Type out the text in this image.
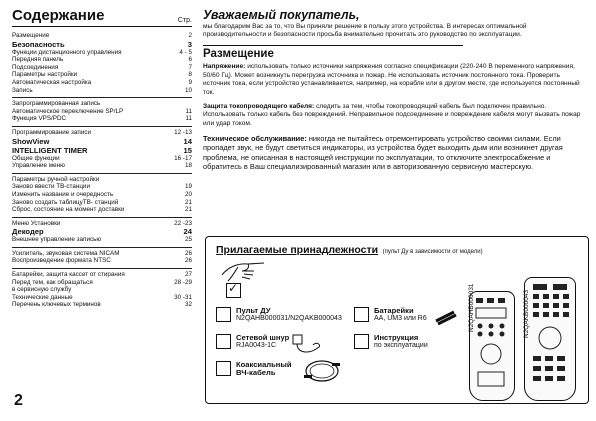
Содержание	Стр.
Размещение	2
Безопасность	3
Функции дистанционного управления	4 - 5
Передняя панель	6
Подсоединения	7
Параметры настройки	8
Автоматическая настройка	9
Запись	10
Запрограммированная запись
Автоматическое переключение SP/LP	11
Функция VPS/PDC	11
Программирование записи	12 -13
ShowView	14
INTELLIGENT TIMER	15
Общие функции	16 -17
Управление меню	18
Параметры ручной настройки
Заново ввести ТВ-станции	19
Изменить название и очередность	20
Заново создать таблицуТВ- станций	21
Сброс, состояние на момент доставки	21
Меню Установки	22 -23
Декодер	24
Внешнее управление записью	25
Усилитель, звуковая система NICAM	26
Воспроизведение формата NTSC	26
Батарейки, защита кассет от стирания	27
Перед тем, как обращаться	28 -29
в сервисную службу
Технические данные	30 -31
Перечень ключевых терминов	32
2
Уважаемый покупатель,

мы благодарим Вас за то, что Вы приняли решение в пользу этого устройства. В интересах оптимальной производительности и безопасности просьба внимательно прочитать это руководство по эксплуатации.

Размещение

Напряжение: использовать только источники напряжения согласно спецификации (220-240 В переменного напряжения, 50/60 Гц). Может возникнуть перегрузка источника и пожар. Не использовать источник постоянного тока. Проверить источник тока, если устройство устанавливается, например, на корабле или в другом месте, где используется постоянный ток.

Защита токопроводящего кабеля: следить за тем, чтобы токопроводящий кабель был подключен правильно. Использовать только кабель без повреждений. Неправильное подсоединение и повреждение кабеля могут вызвать пожар или удар током.

Техническое обслуживание: никогда не пытайтесь отремонтировать устройство своими силами. Если пропадет звук, не будут светиться индикаторы, из устройства будет выходить дым или возникнет другая проблема, не описанная в настоящей инструкции по эксплуатации, то отключите электросабжение и обратитесь в Ваш специализированный магазин или в авторизованную сервисную мастерскую.

Прилагаемые принадлежности (пульт Ду в зависимости от модели)
✓
Пульт ДУ
N2QAHB000031/N2QAKB000043
Сетевой шнур
RJA0043-1C
Коаксиальный
ВЧ-кабель
Батарейки
AA, UM3 или R6
Инструкция
по эксплуатации
N2QAHB000031	N2QAKB000043
